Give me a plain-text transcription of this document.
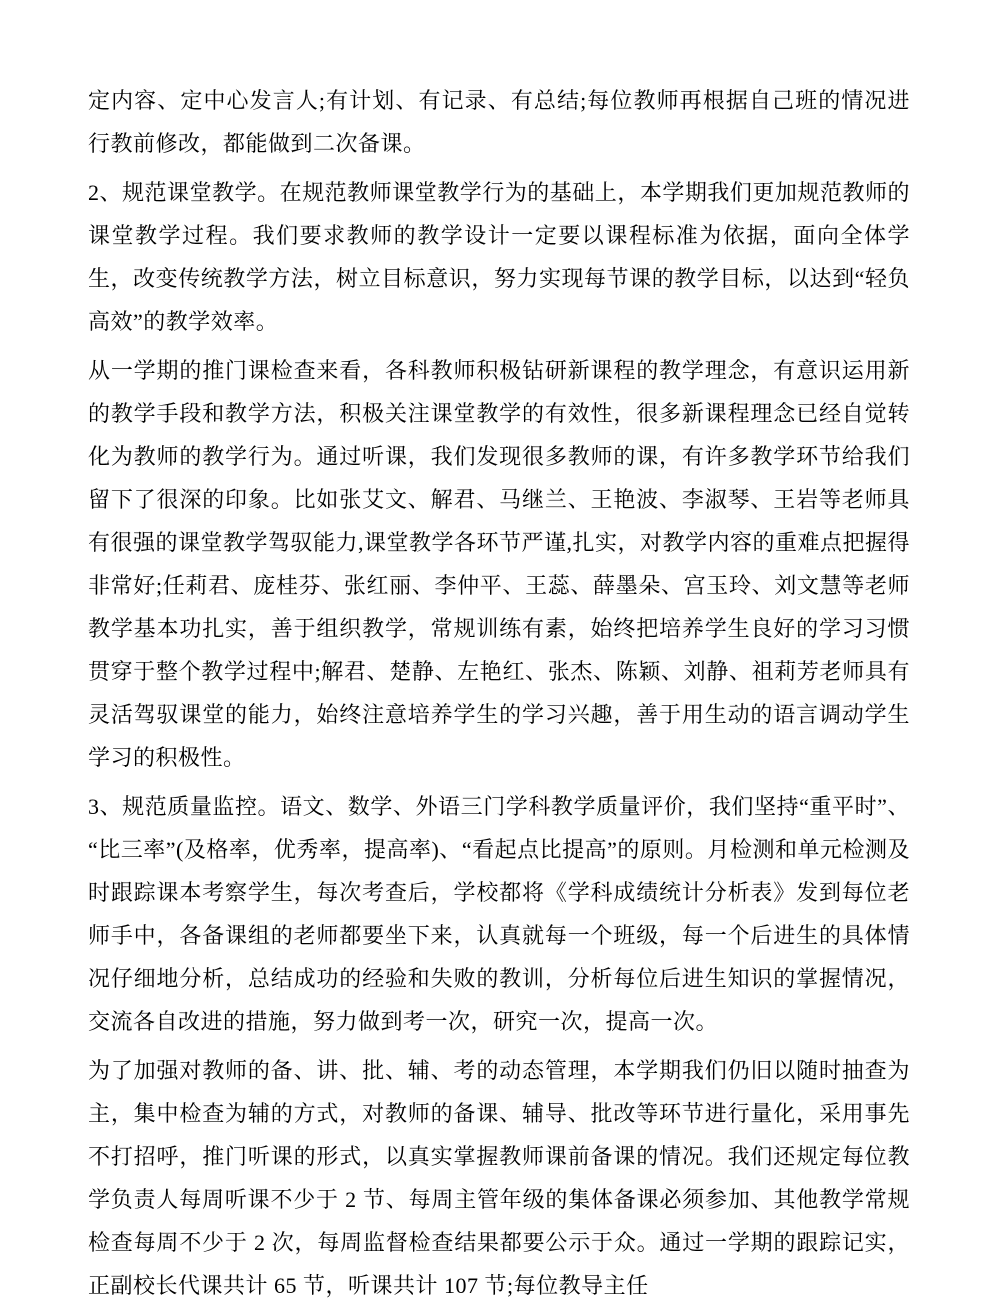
定内容、定中心发言人;有计划、有记录、有总结;每位教师再根据自己班的情况进行教前修改，都能做到二次备课。

2、规范课堂教学。在规范教师课堂教学行为的基础上，本学期我们更加规范教师的课堂教学过程。我们要求教师的教学设计一定要以课程标准为依据，面向全体学生，改变传统教学方法，树立目标意识，努力实现每节课的教学目标，以达到“轻负高效”的教学效率。

从一学期的推门课检查来看，各科教师积极钻研新课程的教学理念，有意识运用新的教学手段和教学方法，积极关注课堂教学的有效性，很多新课程理念已经自觉转化为教师的教学行为。通过听课，我们发现很多教师的课，有许多教学环节给我们留下了很深的印象。比如张艾文、解君、马继兰、王艳波、李淑琴、王岩等老师具有很强的课堂教学驾驭能力,课堂教学各环节严谨,扎实，对教学内容的重难点把握得非常好;任莉君、庞桂芬、张红丽、李仲平、王蕊、薛墨朵、宫玉玲、刘文慧等老师教学基本功扎实，善于组织教学，常规训练有素，始终把培养学生良好的学习习惯贯穿于整个教学过程中;解君、楚静、左艳红、张杰、陈颖、刘静、祖莉芳老师具有灵活驾驭课堂的能力，始终注意培养学生的学习兴趣，善于用生动的语言调动学生学习的积极性。

3、规范质量监控。语文、数学、外语三门学科教学质量评价，我们坚持“重平时”、“比三率”(及格率，优秀率，提高率)、“看起点比提高”的原则。月检测和单元检测及时跟踪课本考察学生，每次考查后，学校都将《学科成绩统计分析表》发到每位老师手中，各备课组的老师都要坐下来，认真就每一个班级，每一个后进生的具体情况仔细地分析，总结成功的经验和失败的教训，分析每位后进生知识的掌握情况，交流各自改进的措施，努力做到考一次，研究一次，提高一次。

为了加强对教师的备、讲、批、辅、考的动态管理，本学期我们仍旧以随时抽查为主，集中检查为辅的方式，对教师的备课、辅导、批改等环节进行量化，采用事先不打招呼，推门听课的形式，以真实掌握教师课前备课的情况。我们还规定每位教学负责人每周听课不少于 2 节、每周主管年级的集体备课必须参加、其他教学常规检查每周不少于 2 次，每周监督检查结果都要公示于众。通过一学期的跟踪记实，正副校长代课共计 65 节，听课共计 107 节;每位教导主任
